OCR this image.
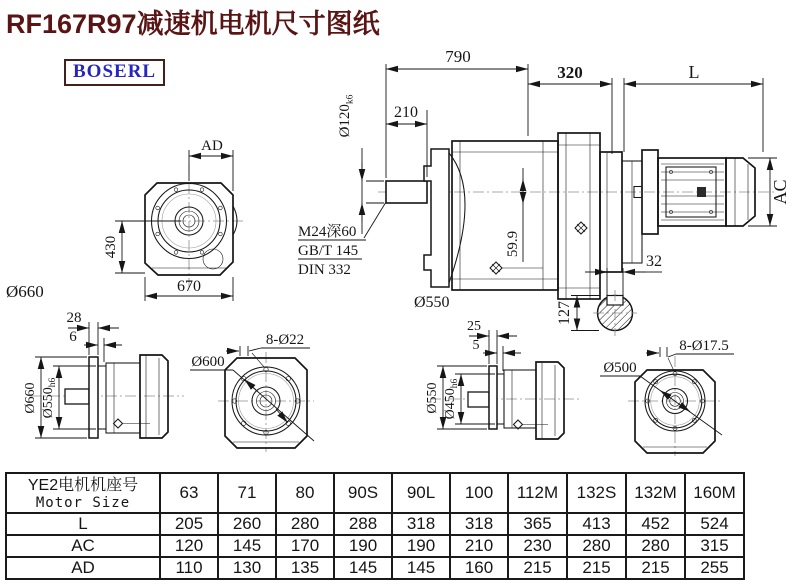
RF167R97减速机电机尺寸图纸
BOSERL
AD
430
670
Ø660
790
210
$Ø120_{k6}$
M24深60
GB/T 145
DIN 332
59.9
320	L
AC
Ø550
32
127
28
6
Ø660 $Ø550_{h6}$
Ø600
8-Ø22
25
5
Ø550 $Ø450_{h6}$
Ø500
8-Ø17.5
YE2电机机座号
Motor Size	63	71	80	90S	90L	100	112M	132S	132M	160M
L	205	260	280	288	318	318	365	413	452	524
AC	120	145	170	190	190	210	230	280	280	315
AD	110	130	135	145	145	160	215	215	215	255
